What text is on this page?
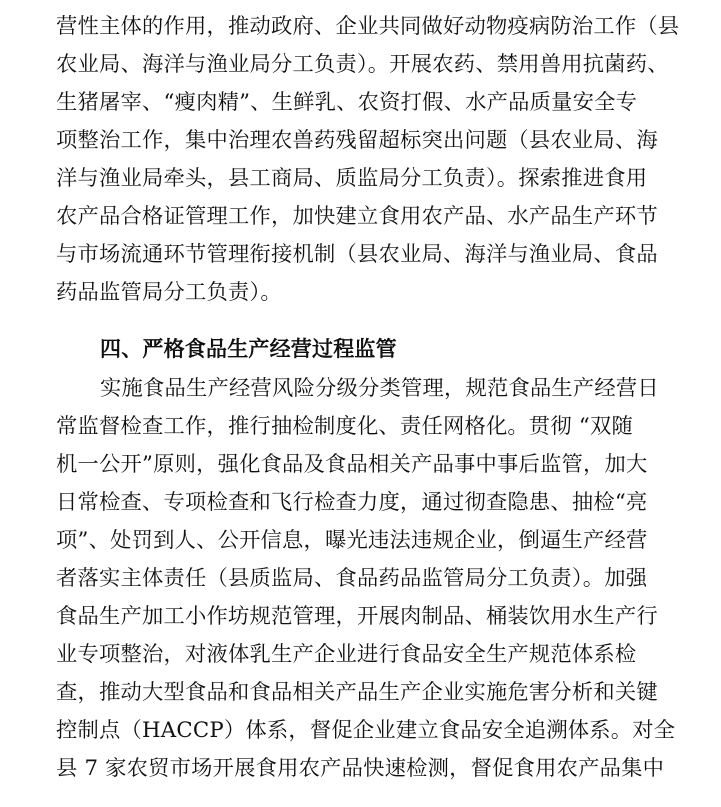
营性主体的作用，推动政府、企业共同做好动物疫病防治工作（县
农业局、海洋与渔业局分工负责）。开展农药、禁用兽用抗菌药、
生猪屠宰、“瘦肉精”、生鲜乳、农资打假、水产品质量安全专
项整治工作，集中治理农兽药残留超标突出问题（县农业局、海
洋与渔业局牵头，县工商局、质监局分工负责）。探索推进食用
农产品合格证管理工作，加快建立食用农产品、水产品生产环节
与市场流通环节管理衔接机制（县农业局、海洋与渔业局、食品
药品监管局分工负责）。
四、严格食品生产经营过程监管
实施食品生产经营风险分级分类管理，规范食品生产经营日
常监督检查工作，推行抽检制度化、责任网格化。贯彻 “双随
机一公开”原则，强化食品及食品相关产品事中事后监管，加大
日常检查、专项检查和飞行检查力度，通过彻查隐患、抽检“亮
项”、处罚到人、公开信息，曝光违法违规企业，倒逼生产经营
者落实主体责任（县质监局、食品药品监管局分工负责）。加强
食品生产加工小作坊规范管理，开展肉制品、桶装饮用水生产行
业专项整治，对液体乳生产企业进行食品安全生产规范体系检
查，推动大型食品和食品相关产品生产企业实施危害分析和关键
控制点（HACCP）体系，督促企业建立食品安全追溯体系。对全
县 7 家农贸市场开展食用农产品快速检测，督促食用农产品集中
